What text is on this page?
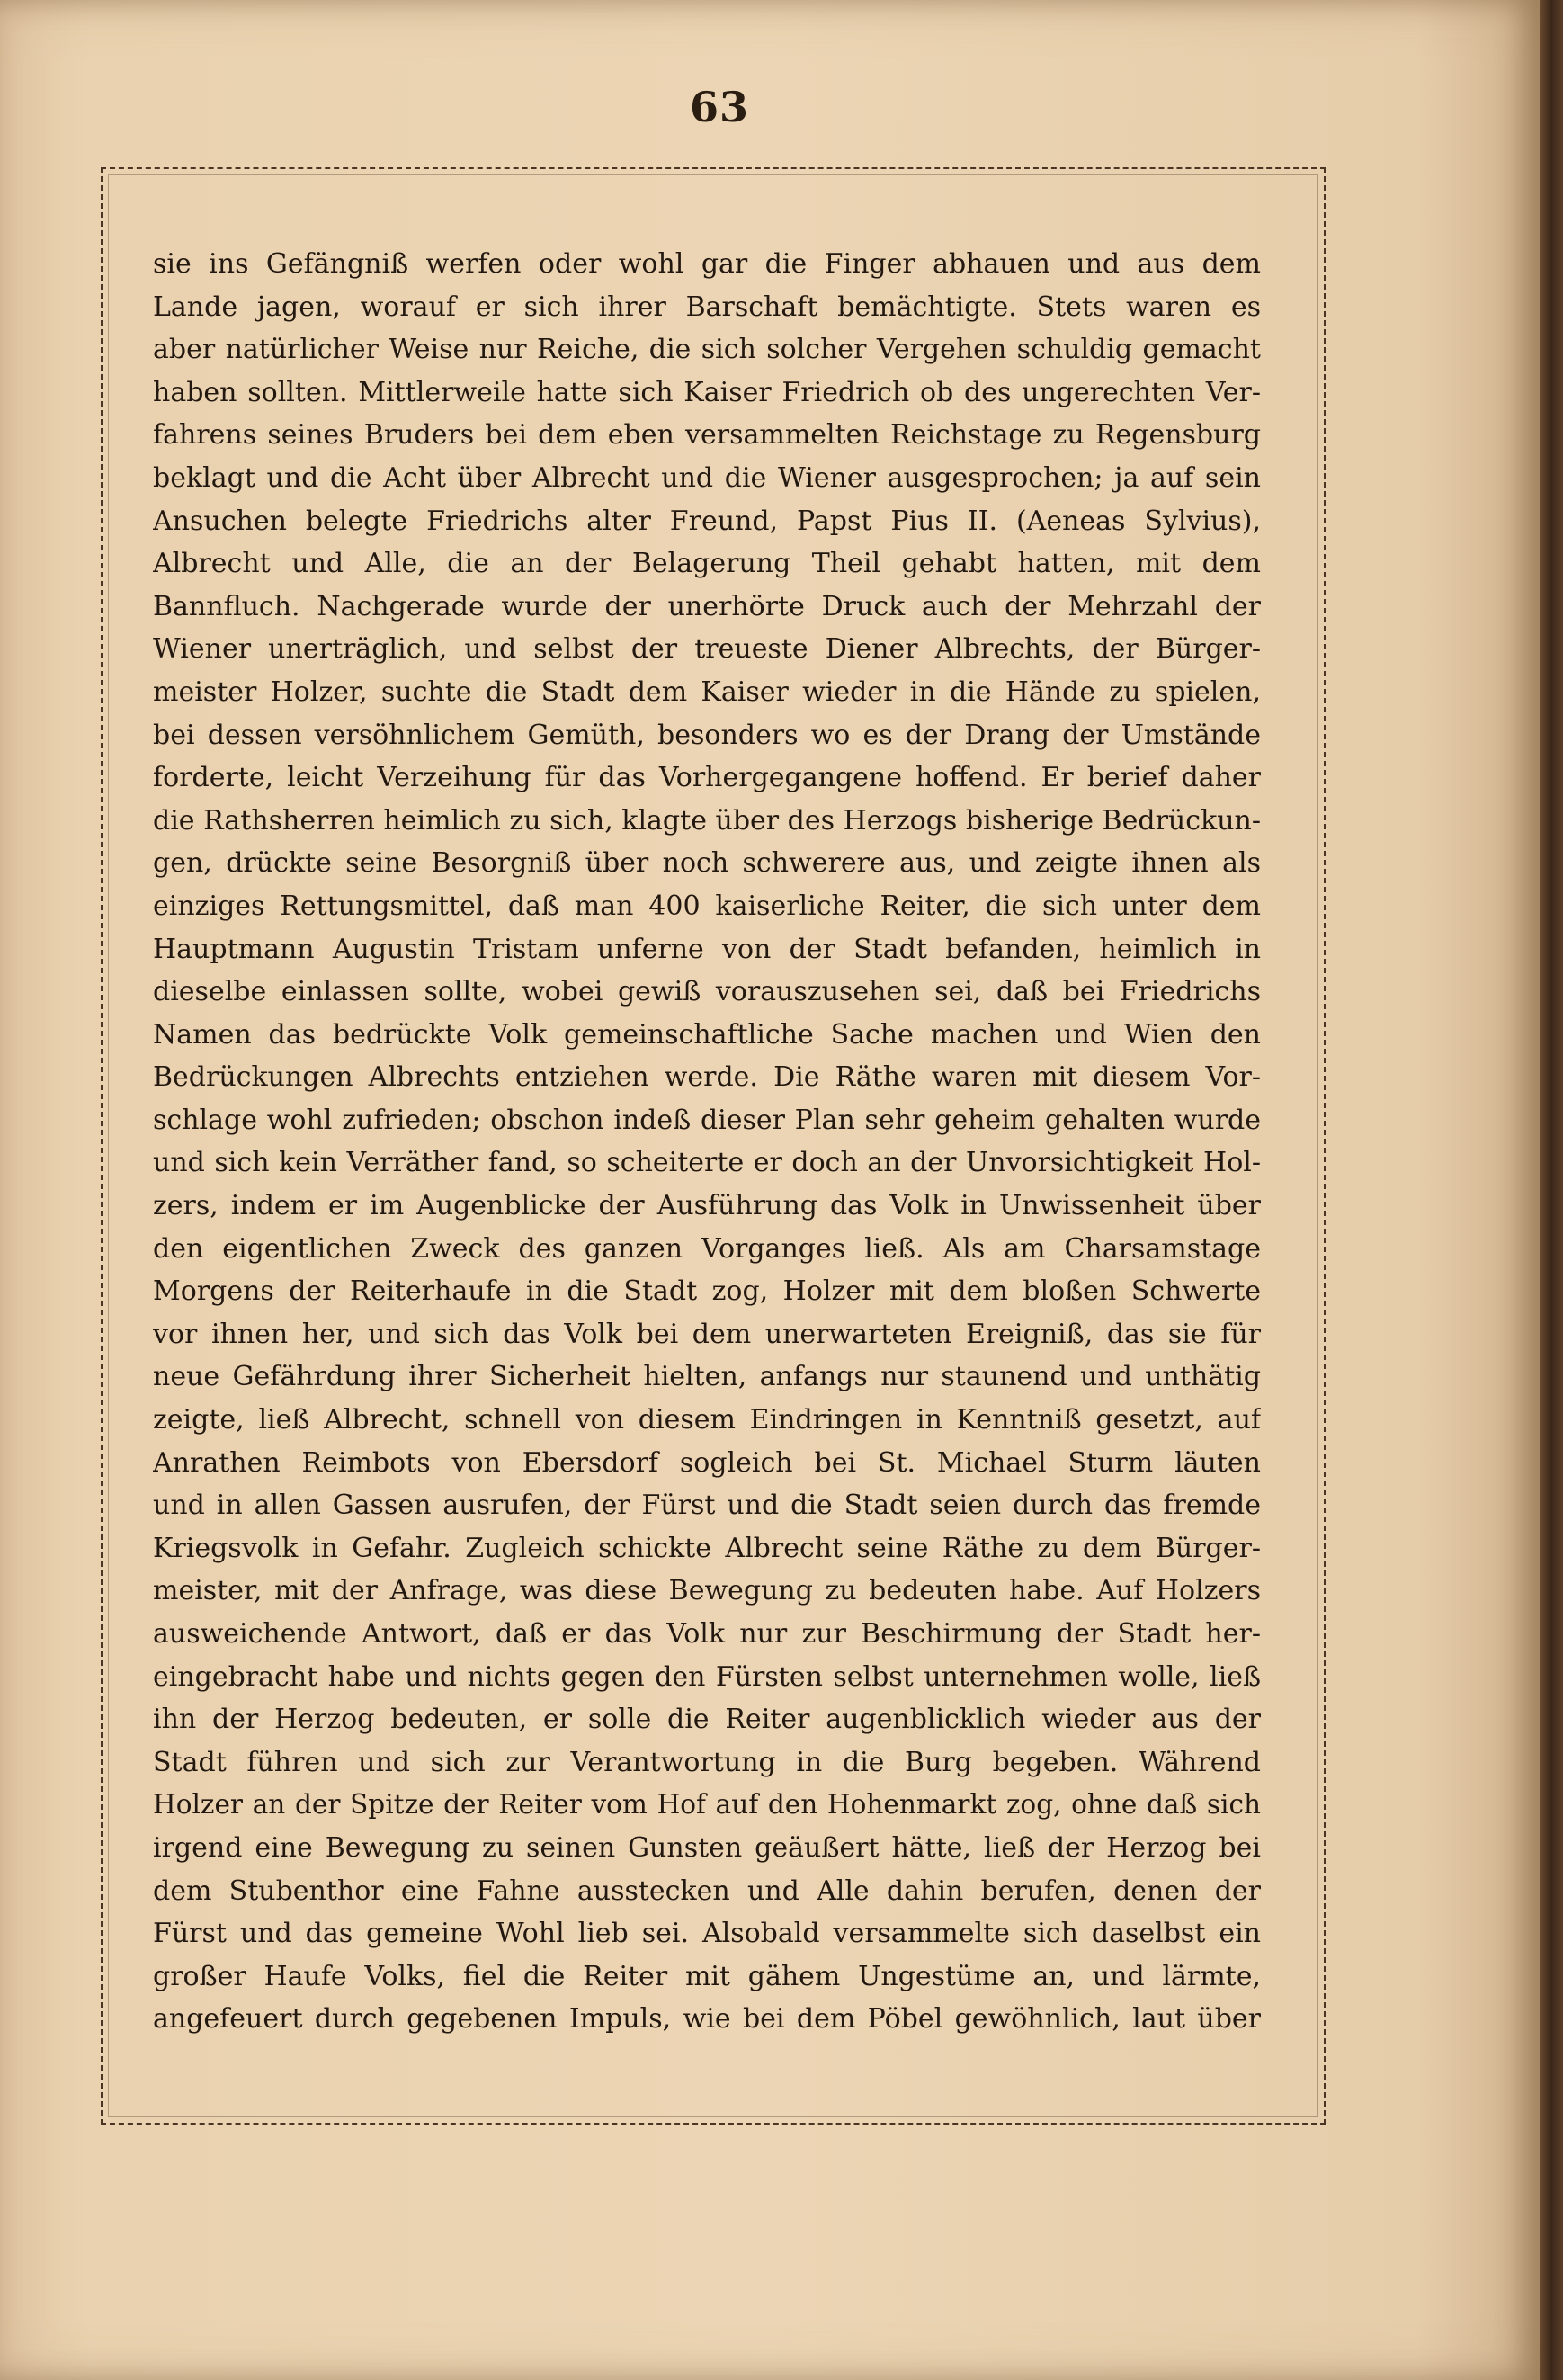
63
sie ins Gefängniß werfen oder wohl gar die Finger abhauen und aus dem
Lande jagen, worauf er sich ihrer Barschaft bemächtigte. Stets waren es
aber natürlicher Weise nur Reiche, die sich solcher Vergehen schuldig gemacht
haben sollten. Mittlerweile hatte sich Kaiser Friedrich ob des ungerechten Ver-
fahrens seines Bruders bei dem eben versammelten Reichstage zu Regensburg
beklagt und die Acht über Albrecht und die Wiener ausgesprochen; ja auf sein
Ansuchen belegte Friedrichs alter Freund, Papst Pius II. (Aeneas Sylvius),
Albrecht und Alle, die an der Belagerung Theil gehabt hatten, mit dem
Bannfluch. Nachgerade wurde der unerhörte Druck auch der Mehrzahl der
Wiener unerträglich, und selbst der treueste Diener Albrechts, der Bürger-
meister Holzer, suchte die Stadt dem Kaiser wieder in die Hände zu spielen,
bei dessen versöhnlichem Gemüth, besonders wo es der Drang der Umstände
forderte, leicht Verzeihung für das Vorhergegangene hoffend. Er berief daher
die Rathsherren heimlich zu sich, klagte über des Herzogs bisherige Bedrückun-
gen, drückte seine Besorgniß über noch schwerere aus, und zeigte ihnen als
einziges Rettungsmittel, daß man 400 kaiserliche Reiter, die sich unter dem
Hauptmann Augustin Tristam unferne von der Stadt befanden, heimlich in
dieselbe einlassen sollte, wobei gewiß vorauszusehen sei, daß bei Friedrichs
Namen das bedrückte Volk gemeinschaftliche Sache machen und Wien den
Bedrückungen Albrechts entziehen werde. Die Räthe waren mit diesem Vor-
schlage wohl zufrieden; obschon indeß dieser Plan sehr geheim gehalten wurde
und sich kein Verräther fand, so scheiterte er doch an der Unvorsichtigkeit Hol-
zers, indem er im Augenblicke der Ausführung das Volk in Unwissenheit über
den eigentlichen Zweck des ganzen Vorganges ließ. Als am Charsamstage
Morgens der Reiterhaufe in die Stadt zog, Holzer mit dem bloßen Schwerte
vor ihnen her, und sich das Volk bei dem unerwarteten Ereigniß, das sie für
neue Gefährdung ihrer Sicherheit hielten, anfangs nur staunend und unthätig
zeigte, ließ Albrecht, schnell von diesem Eindringen in Kenntniß gesetzt, auf
Anrathen Reimbots von Ebersdorf sogleich bei St. Michael Sturm läuten
und in allen Gassen ausrufen, der Fürst und die Stadt seien durch das fremde
Kriegsvolk in Gefahr. Zugleich schickte Albrecht seine Räthe zu dem Bürger-
meister, mit der Anfrage, was diese Bewegung zu bedeuten habe. Auf Holzers
ausweichende Antwort, daß er das Volk nur zur Beschirmung der Stadt her-
eingebracht habe und nichts gegen den Fürsten selbst unternehmen wolle, ließ
ihn der Herzog bedeuten, er solle die Reiter augenblicklich wieder aus der
Stadt führen und sich zur Verantwortung in die Burg begeben. Während
Holzer an der Spitze der Reiter vom Hof auf den Hohenmarkt zog, ohne daß sich
irgend eine Bewegung zu seinen Gunsten geäußert hätte, ließ der Herzog bei
dem Stubenthor eine Fahne ausstecken und Alle dahin berufen, denen der
Fürst und das gemeine Wohl lieb sei. Alsobald versammelte sich daselbst ein
großer Haufe Volks, fiel die Reiter mit gähem Ungestüme an, und lärmte,
angefeuert durch gegebenen Impuls, wie bei dem Pöbel gewöhnlich, laut über
